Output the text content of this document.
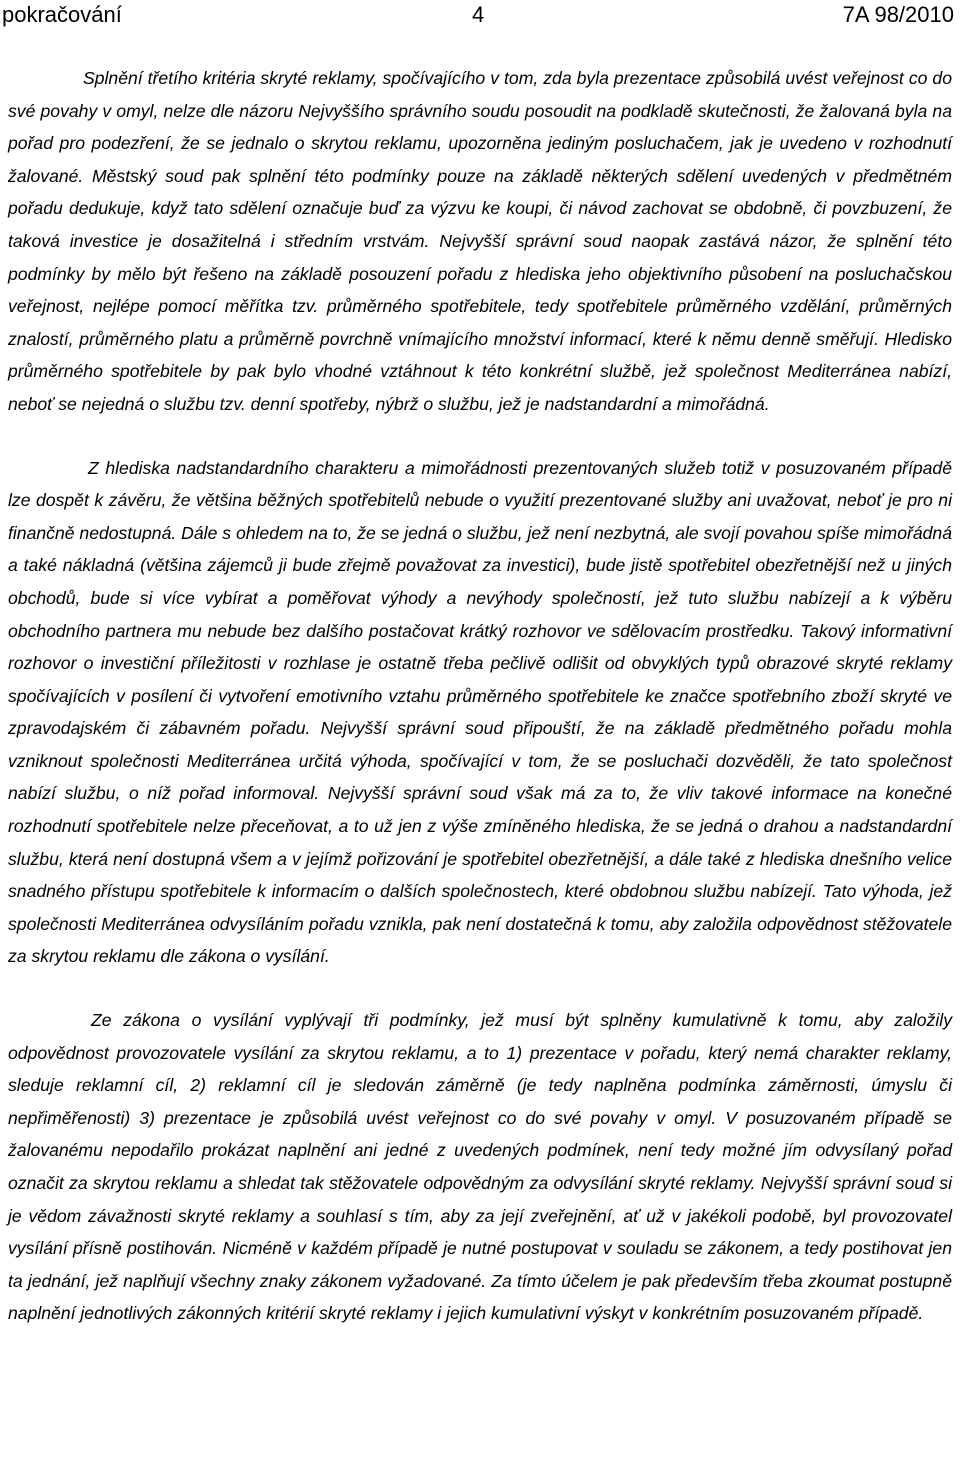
pokračování	4	7A 98/2010

Splnění třetího kritéria skryté reklamy, spočívajícího v tom, zda byla prezentace způsobilá uvést veřejnost co do své povahy v omyl, nelze dle názoru Nejvyššího správního soudu posoudit na podkladě skutečnosti, že žalovaná byla na pořad pro podezření, že se jednalo o skrytou reklamu, upozorněna jediným posluchačem, jak je uvedeno v rozhodnutí žalované. Městský soud pak splnění této podmínky pouze na základě některých sdělení uvedených v předmětném pořadu dedukuje, když tato sdělení označuje buď za výzvu ke koupi, či návod zachovat se obdobně, či povzbuzení, že taková investice je dosažitelná i středním vrstvám. Nejvyšší správní soud naopak zastává názor, že splnění této podmínky by mělo být řešeno na základě posouzení pořadu z hlediska jeho objektivního působení na posluchačskou veřejnost, nejlépe pomocí měřítka tzv. průměrného spotřebitele, tedy spotřebitele průměrného vzdělání, průměrných znalostí, průměrného platu a průměrně povrchně vnímajícího množství informací, které k němu denně směřují. Hledisko průměrného spotřebitele by pak bylo vhodné vztáhnout k této konkrétní službě, jež společnost Mediterránea nabízí, neboť se nejedná o službu tzv. denní spotřeby, nýbrž o službu, jež je nadstandardní a mimořádná.

Z hlediska nadstandardního charakteru a mimořádnosti prezentovaných služeb totiž v posuzovaném případě lze dospět k závěru, že většina běžných spotřebitelů nebude o využití prezentované služby ani uvažovat, neboť je pro ni finančně nedostupná. Dále s ohledem na to, že se jedná o službu, jež není nezbytná, ale svojí povahou spíše mimořádná a také nákladná (většina zájemců ji bude zřejmě považovat za investici), bude jistě spotřebitel obezřetnější než u jiných obchodů, bude si více vybírat a poměřovat výhody a nevýhody společností, jež tuto službu nabízejí a k výběru obchodního partnera mu nebude bez dalšího postačovat krátký rozhovor ve sdělovacím prostředku. Takový informativní rozhovor o investiční příležitosti v rozhlase je ostatně třeba pečlivě odlišit od obvyklých typů obrazové skryté reklamy spočívajících v posílení či vytvoření emotivního vztahu průměrného spotřebitele ke značce spotřebního zboží skryté ve zpravodajském či zábavném pořadu. Nejvyšší správní soud připouští, že na základě předmětného pořadu mohla vzniknout společnosti Mediterránea určitá výhoda, spočívající v tom, že se posluchači dozvěděli, že tato společnost nabízí službu, o níž pořad informoval. Nejvyšší správní soud však má za to, že vliv takové informace na konečné rozhodnutí spotřebitele nelze přeceňovat, a to už jen z výše zmíněného hlediska, že se jedná o drahou a nadstandardní službu, která není dostupná všem a v jejímž pořizování je spotřebitel obezřetnější, a dále také z hlediska dnešního velice snadného přístupu spotřebitele k informacím o dalších společnostech, které obdobnou službu nabízejí. Tato výhoda, jež společnosti Mediterránea odvysíláním pořadu vznikla, pak není dostatečná k tomu, aby založila odpovědnost stěžovatele za skrytou reklamu dle zákona o vysílání.

Ze zákona o vysílání vyplývají tři podmínky, jež musí být splněny kumulativně k tomu, aby založily odpovědnost provozovatele vysílání za skrytou reklamu, a to 1) prezentace v pořadu, který nemá charakter reklamy, sleduje reklamní cíl, 2) reklamní cíl je sledován záměrně (je tedy naplněna podmínka záměrnosti, úmyslu či nepřiměřenosti) 3) prezentace je způsobilá uvést veřejnost co do své povahy v omyl. V posuzovaném případě se žalovanému nepodařilo prokázat naplnění ani jedné z uvedených podmínek, není tedy možné jím odvysílaný pořad označit za skrytou reklamu a shledat tak stěžovatele odpovědným za odvysílání skryté reklamy. Nejvyšší správní soud si je vědom závažnosti skryté reklamy a souhlasí s tím, aby za její zveřejnění, ať už v jakékoli podobě, byl provozovatel vysílání přísně postihován. Nicméně v každém případě je nutné postupovat v souladu se zákonem, a tedy postihovat jen ta jednání, jež naplňují všechny znaky zákonem vyžadované. Za tímto účelem je pak především třeba zkoumat postupně naplnění jednotlivých zákonných kritérií skryté reklamy i jejich kumulativní výskyt v konkrétním posuzovaném případě.
